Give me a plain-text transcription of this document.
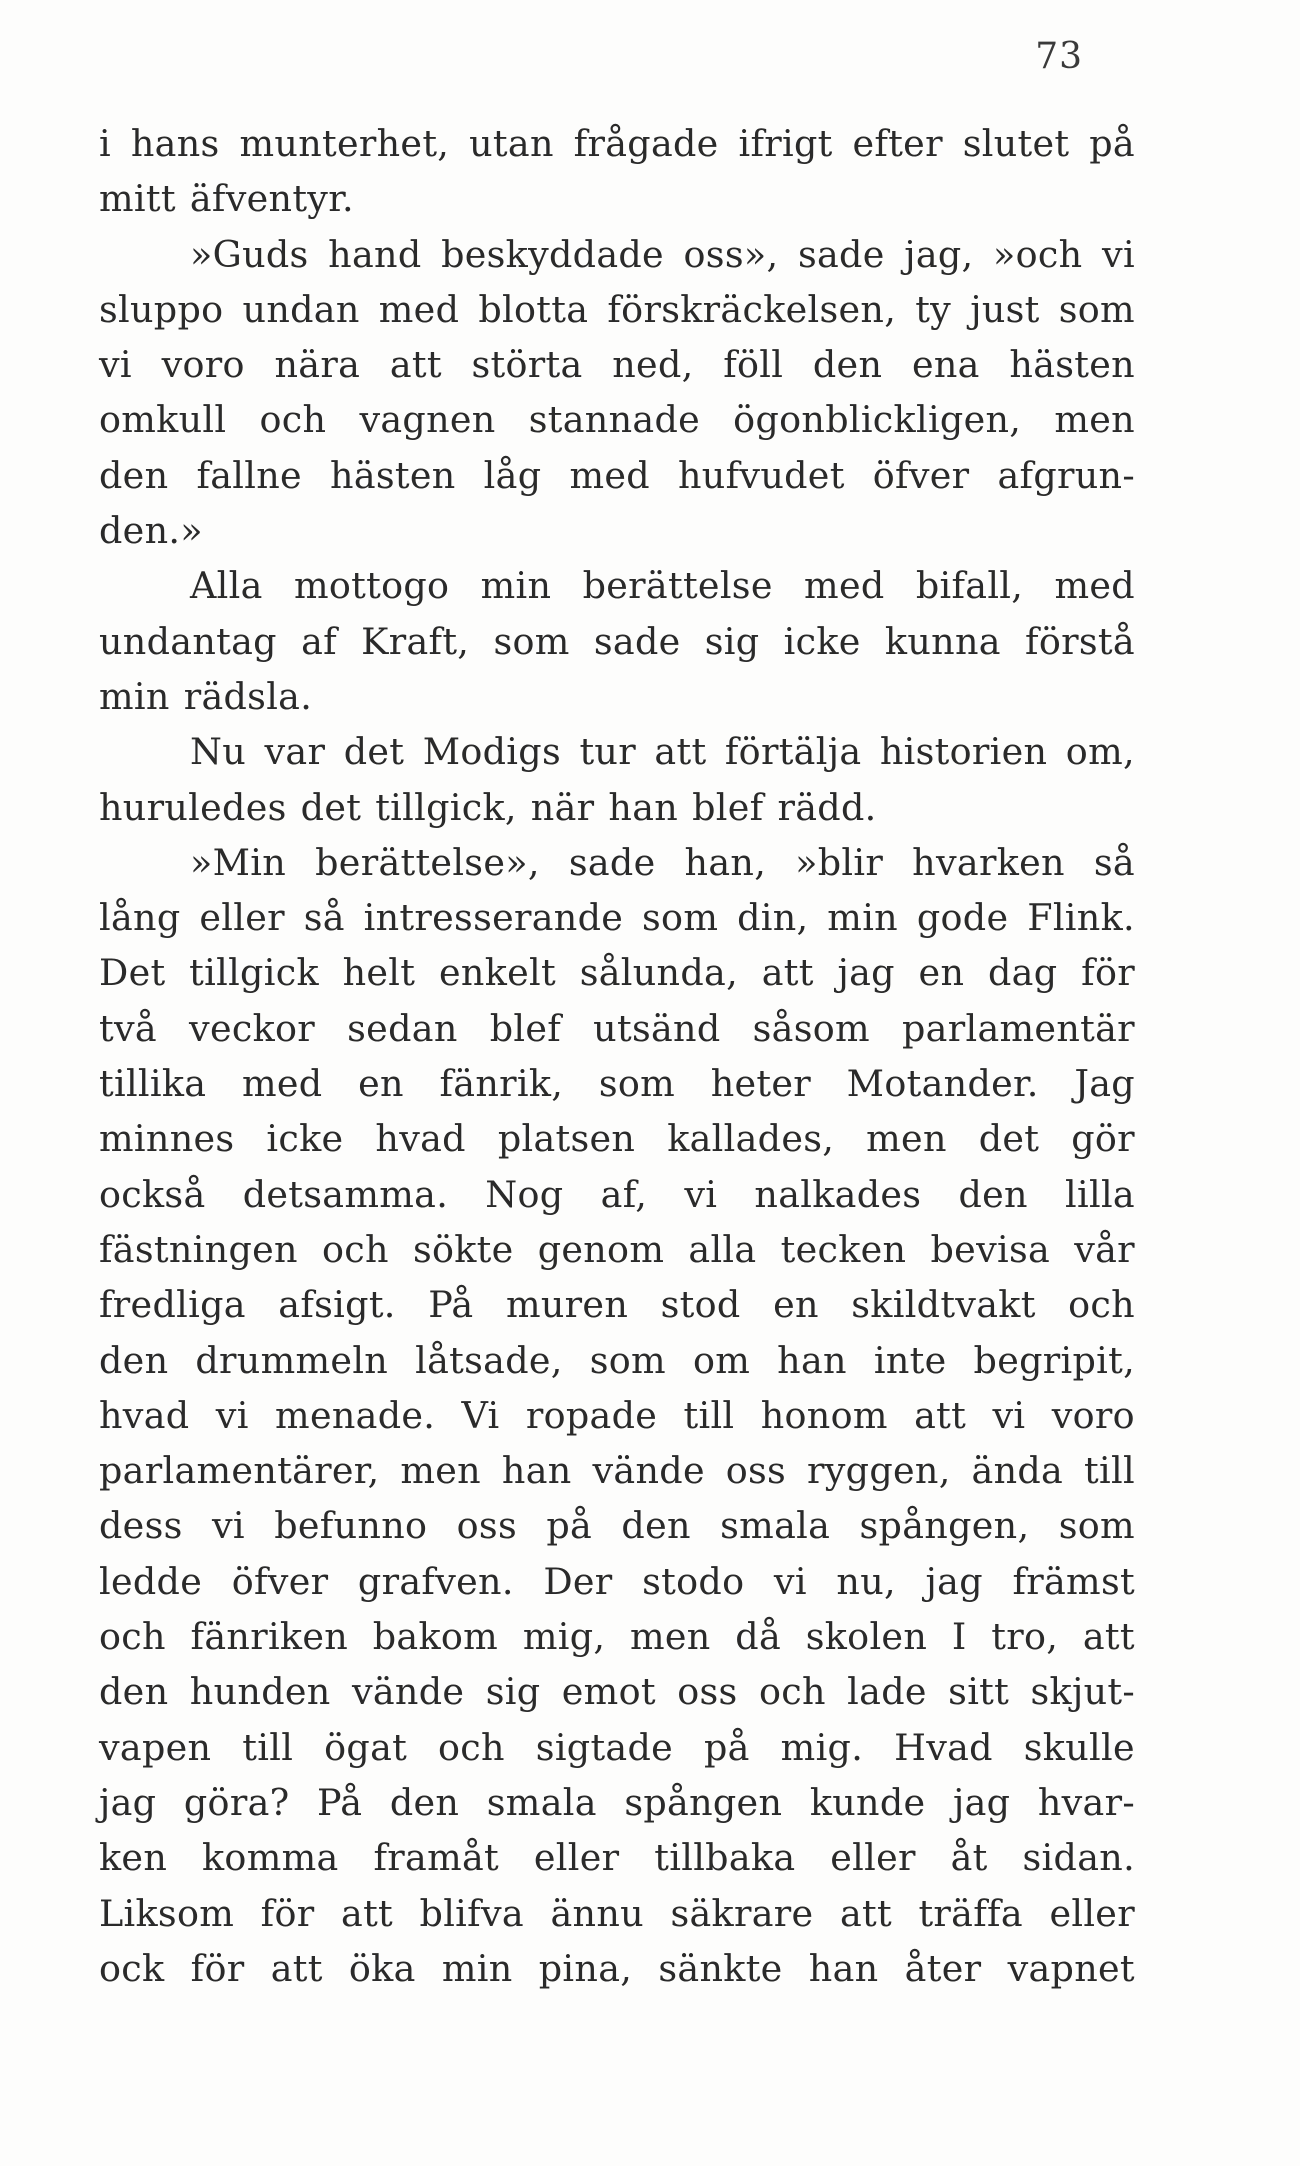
73
i hans munterhet, utan frågade ifrigt efter slutet på
mitt äfventyr.
»Guds hand beskyddade oss», sade jag, »och vi
sluppo undan med blotta förskräckelsen, ty just som
vi voro nära att störta ned, föll den ena hästen
omkull och vagnen stannade ögonblickligen, men
den fallne hästen låg med hufvudet öfver afgrun-
den.»
Alla mottogo min berättelse med bifall, med
undantag af Kraft, som sade sig icke kunna förstå
min rädsla.
Nu var det Modigs tur att förtälja historien om,
huruledes det tillgick, när han blef rädd.
»Min berättelse», sade han, »blir hvarken så
lång eller så intresserande som din, min gode Flink.
Det tillgick helt enkelt sålunda, att jag en dag för
två veckor sedan blef utsänd såsom parlamentär
tillika med en fänrik, som heter Motander. Jag
minnes icke hvad platsen kallades, men det gör
också detsamma. Nog af, vi nalkades den lilla
fästningen och sökte genom alla tecken bevisa vår
fredliga afsigt. På muren stod en skildtvakt och
den drummeln låtsade, som om han inte begripit,
hvad vi menade. Vi ropade till honom att vi voro
parlamentärer, men han vände oss ryggen, ända till
dess vi befunno oss på den smala spången, som
ledde öfver grafven. Der stodo vi nu, jag främst
och fänriken bakom mig, men då skolen I tro, att
den hunden vände sig emot oss och lade sitt skjut-
vapen till ögat och sigtade på mig. Hvad skulle
jag göra? På den smala spången kunde jag hvar-
ken komma framåt eller tillbaka eller åt sidan.
Liksom för att blifva ännu säkrare att träffa eller
ock för att öka min pina, sänkte han åter vapnet
